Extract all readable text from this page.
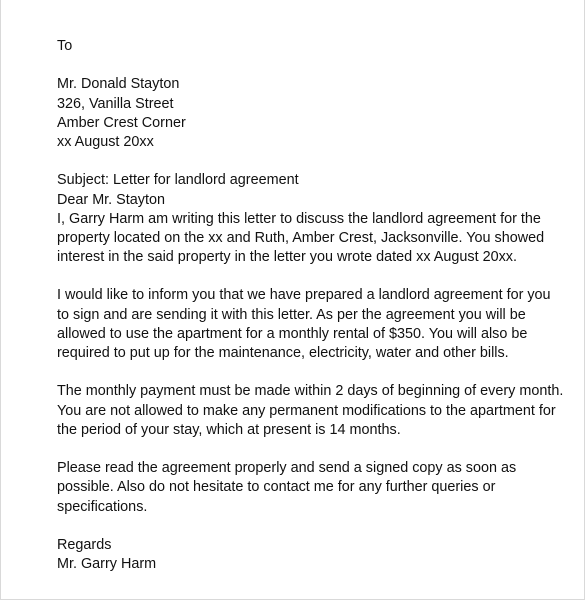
To
Mr. Donald Stayton
326, Vanilla Street
Amber Crest Corner
xx August 20xx
Subject: Letter for landlord agreement
Dear Mr. Stayton
I, Garry Harm am writing this letter to discuss the landlord agreement for the
property located on the xx and Ruth, Amber Crest, Jacksonville. You showed
interest in the said property in the letter you wrote dated xx August 20xx.
I would like to inform you that we have prepared a landlord agreement for you
to sign and are sending it with this letter. As per the agreement you will be
allowed to use the apartment for a monthly rental of $350. You will also be
required to put up for the maintenance, electricity, water and other bills.
The monthly payment must be made within 2 days of beginning of every month.
You are not allowed to make any permanent modifications to the apartment for
the period of your stay, which at present is 14 months.
Please read the agreement properly and send a signed copy as soon as
possible. Also do not hesitate to contact me for any further queries or
specifications.
Regards
Mr. Garry Harm
